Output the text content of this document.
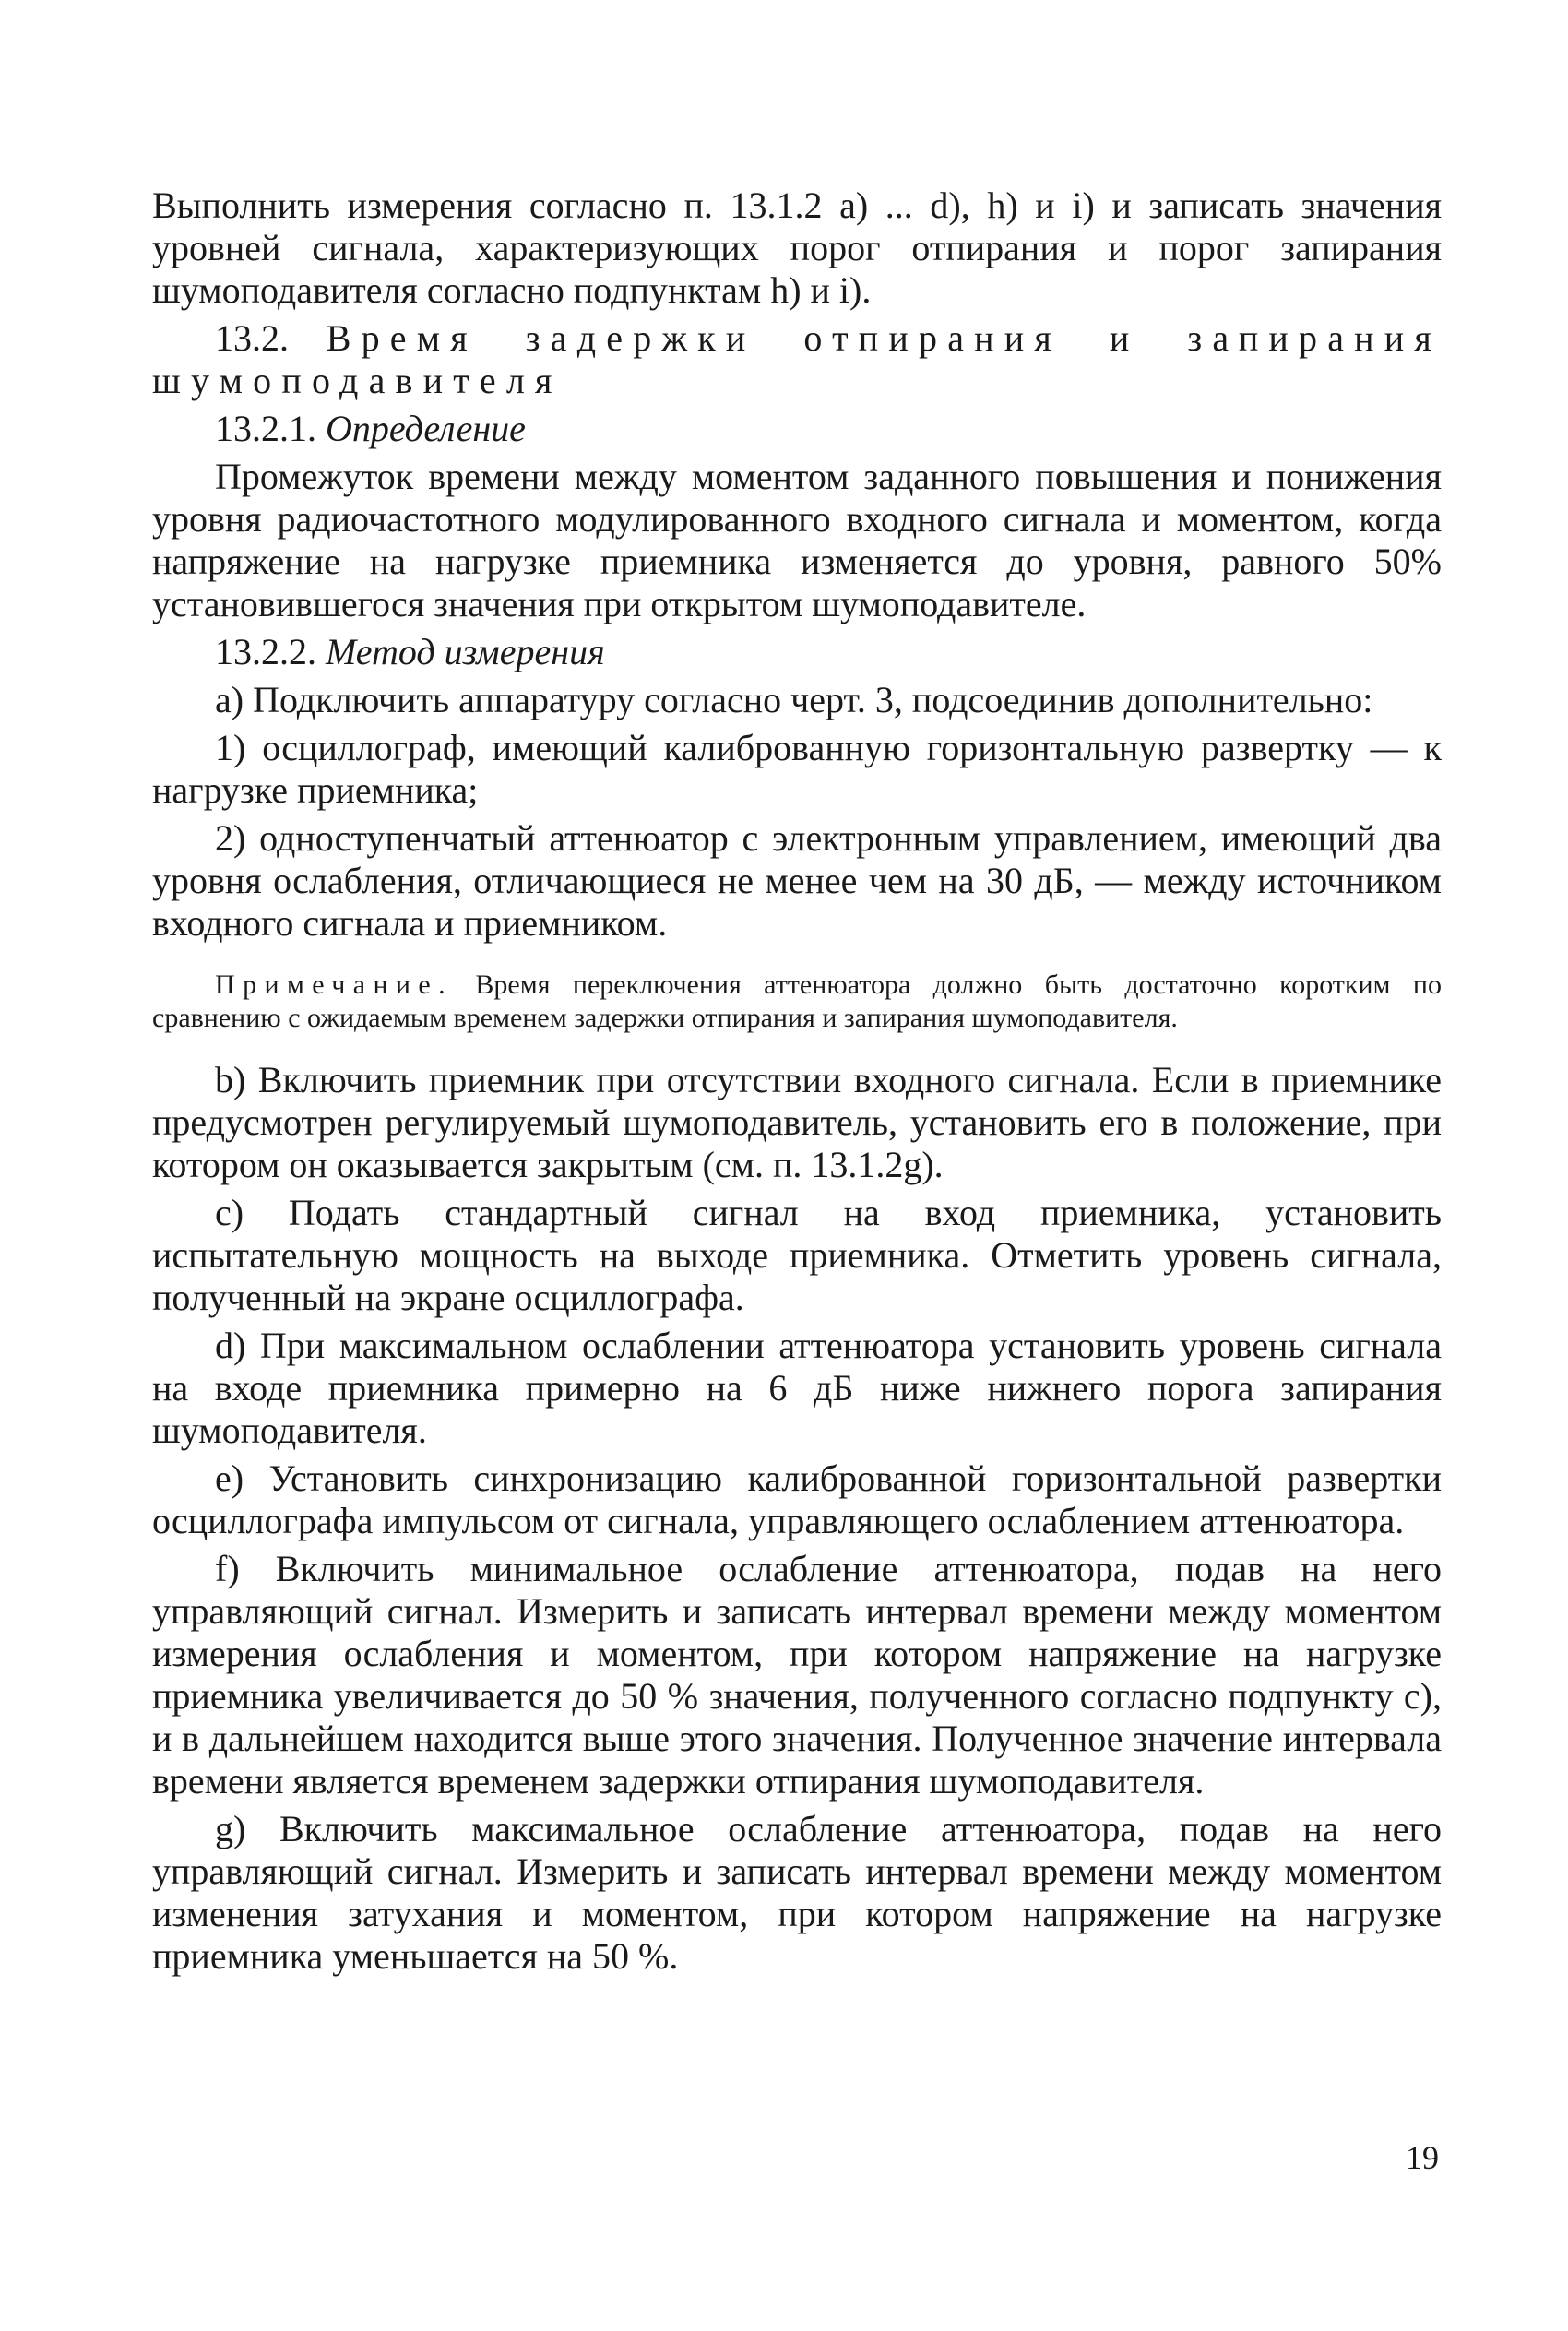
Выполнить измерения согласно п. 13.1.2 a) ... d), h) и i) и записать значения уровней сигнала, характеризующих порог отпирания и порог запирания шумоподавителя согласно подпунктам h) и i).

13.2. Время задержки отпирания и запирания шумоподавителя

13.2.1. Определение

Промежуток времени между моментом заданного повышения и понижения уровня радиочастотного модулированного входного сигнала и моментом, когда напряжение на нагрузке приемника изменяется до уровня, равного 50% установившегося значения при открытом шумоподавителе.

13.2.2. Метод измерения

a) Подключить аппаратуру согласно черт. 3, подсоединив дополнительно:

1) осциллограф, имеющий калиброванную горизонтальную развертку — к нагрузке приемника;

2) одноступенчатый аттенюатор с электронным управлением, имеющий два уровня ослабления, отличающиеся не менее чем на 30 дБ, — между источником входного сигнала и приемником.

Примечание. Время переключения аттенюатора должно быть достаточно коротким по сравнению с ожидаемым временем задержки отпирания и запирания шумоподавителя.

b) Включить приемник при отсутствии входного сигнала. Если в приемнике предусмотрен регулируемый шумоподавитель, установить его в положение, при котором он оказывается закрытым (см. п. 13.1.2g).

c) Подать стандартный сигнал на вход приемника, установить испытательную мощность на выходе приемника. Отметить уровень сигнала, полученный на экране осциллографа.

d) При максимальном ослаблении аттенюатора установить уровень сигнала на входе приемника примерно на 6 дБ ниже нижнего порога запирания шумоподавителя.

e) Установить синхронизацию калиброванной горизонтальной развертки осциллографа импульсом от сигнала, управляющего ослаблением аттенюатора.

f) Включить минимальное ослабление аттенюатора, подав на него управляющий сигнал. Измерить и записать интервал времени между моментом измерения ослабления и моментом, при котором напряжение на нагрузке приемника увеличивается до 50 % значения, полученного согласно подпункту c), и в дальнейшем находится выше этого значения. Полученное значение интервала времени является временем задержки отпирания шумоподавителя.

g) Включить максимальное ослабление аттенюатора, подав на него управляющий сигнал. Измерить и записать интервал времени между моментом изменения затухания и моментом, при котором напряжение на нагрузке приемника уменьшается на 50 %.

19
